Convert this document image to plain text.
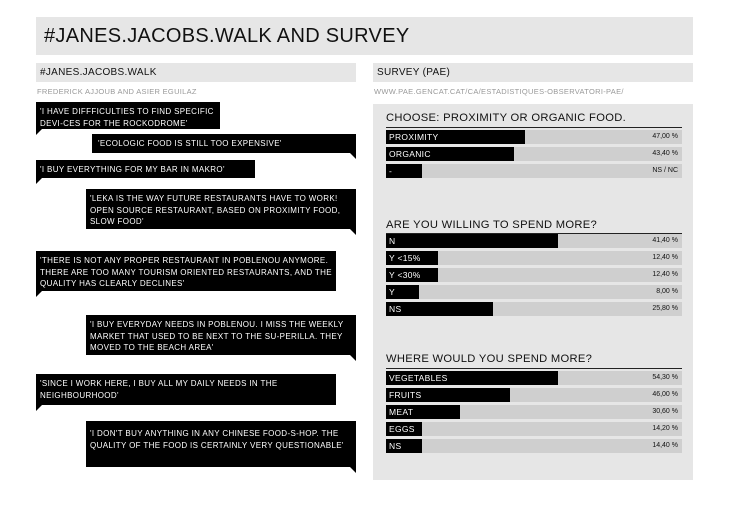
#JANES.JACOBS.WALK AND SURVEY
#JANES.JACOBS.WALK
FREDERICK AJJOUB AND ASIER EGUILAZ
'I HAVE DIFFFICULTIES TO FIND SPECIFIC DEVI-CES FOR THE ROCKODROME'
'ECOLOGIC FOOD IS STILL TOO EXPENSIVE'
'I BUY EVERYTHING FOR MY BAR IN MAKRO'
'LEKA IS THE WAY FUTURE RESTAURANTS HAVE TO WORK! OPEN SOURCE RESTAURANT, BASED ON PROXIMITY FOOD, SLOW FOOD'
'THERE IS NOT ANY PROPER RESTAURANT IN POBLENOU ANYMORE. THERE ARE TOO MANY TOURISM ORIENTED RESTAURANTS, AND THE QUALITY HAS CLEARLY DECLINES'
'I BUY EVERYDAY NEEDS IN POBLENOU. I MISS THE WEEKLY MARKET THAT USED TO BE NEXT TO THE SU-PERILLA. THEY MOVED TO THE BEACH AREA'
'SINCE I WORK HERE, I BUY ALL MY DAILY NEEDS IN THE NEIGHBOURHOOD'
'I DON'T BUY ANYTHING IN ANY CHINESE FOOD-S-HOP. THE QUALITY OF THE FOOD IS CERTAINLY VERY QUESTIONABLE'
SURVEY (PAE)
WWW.PAE.GENCAT.CAT/CA/ESTADISTIQUES-OBSERVATORI-PAE/
CHOOSE: PROXIMITY OR ORGANIC FOOD.
PROXIMITY	47,00 %
ORGANIC	43,40 %
-	NS / NC
ARE YOU WILLING TO SPEND MORE?
N	41,40 %
Y <15%	12,40 %
Y <30%	12,40 %
Y	8,00 %
NS	25,80 %
WHERE WOULD YOU SPEND MORE?
VEGETABLES	54,30 %
FRUITS	46,00 %
MEAT	30,60 %
EGGS	14,20 %
NS	14,40 %
